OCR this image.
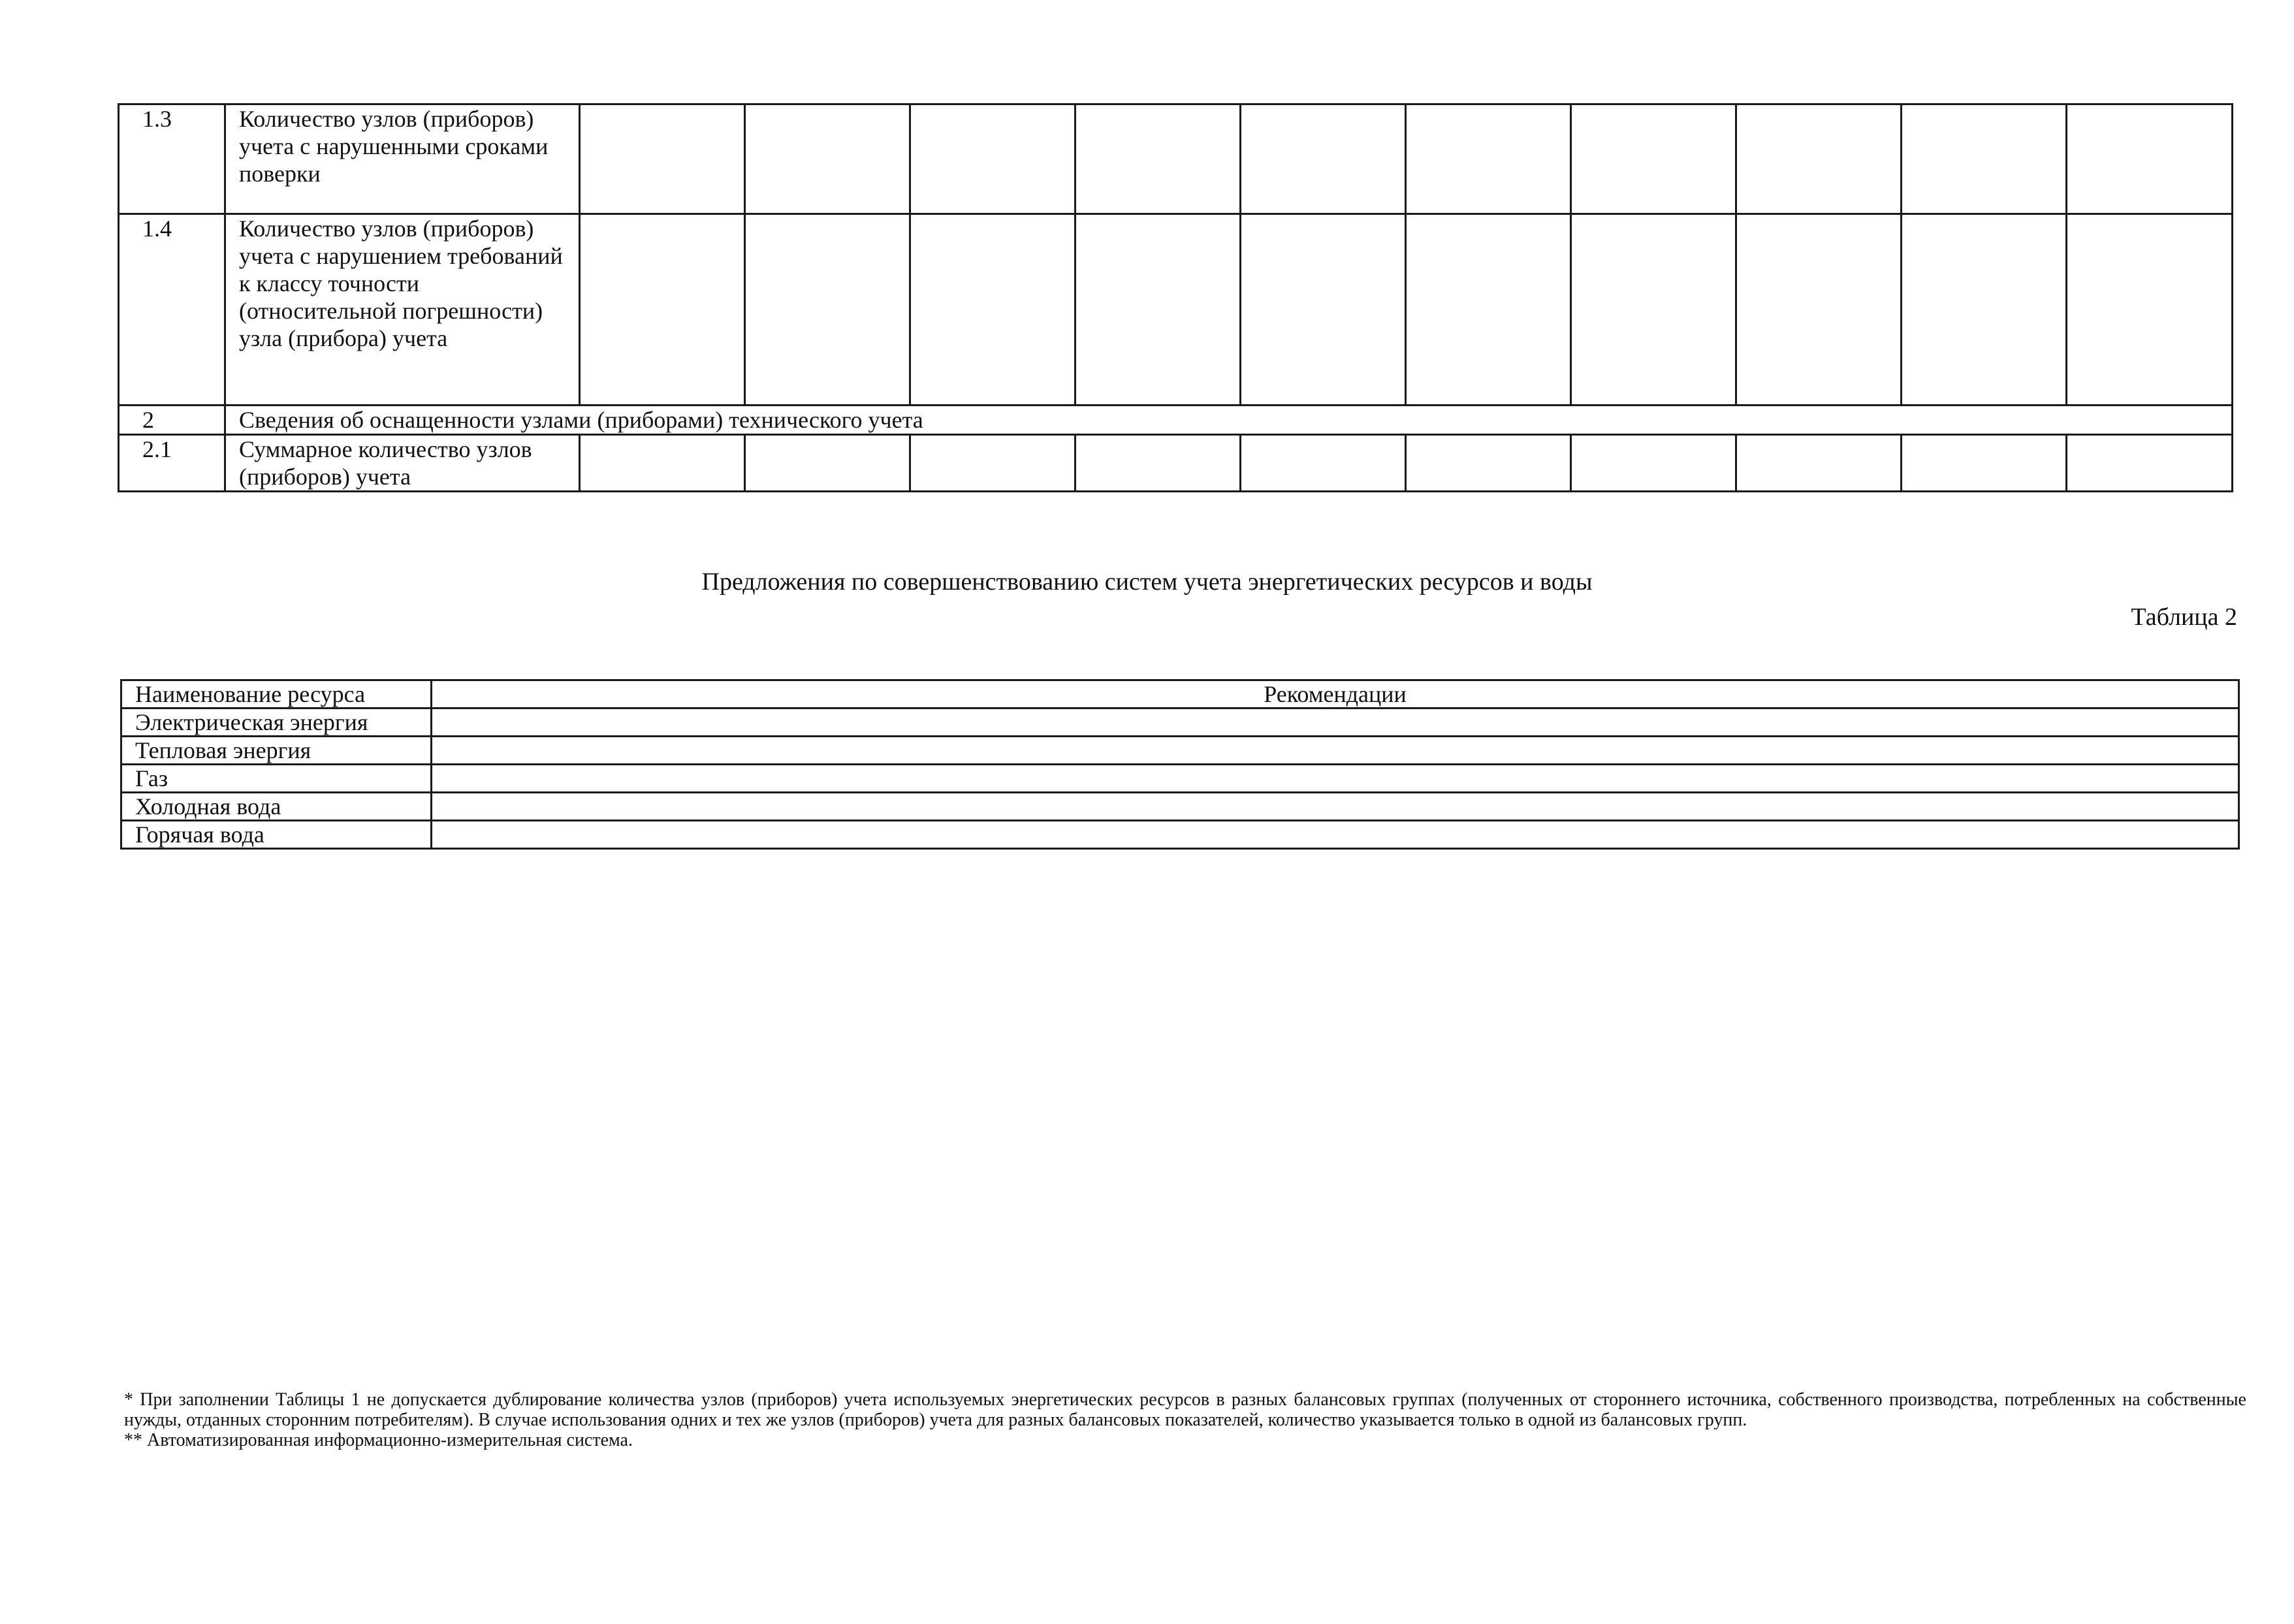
1.3	Количество узлов (приборов) учета с нарушенными сроками поверки										
1.4	Количество узлов (приборов) учета с нарушением требований к классу точности (относительной погрешности) узла (прибора) учета										
2	Сведения об оснащенности узлами (приборами) технического учета										
2.1	Суммарное количество узлов (приборов) учета										
Предложения по совершенствованию систем учета энергетических ресурсов и воды
Таблица 2
Наименование ресурса	Рекомендации
Электрическая энергия	
Тепловая энергия	
Газ	
Холодная вода	
Горячая вода	

* При заполнении Таблицы 1 не допускается дублирование количества узлов (приборов) учета используемых энергетических ресурсов в разных балансовых группах (полученных от стороннего источника, собственного производства, потребленных на собственные нужды, отданных сторонним потребителям). В случае использования одних и тех же узлов (приборов) учета для разных балансовых показателей, количество указывается только в одной из балансовых групп.

** Автоматизированная информационно-измерительная система.
